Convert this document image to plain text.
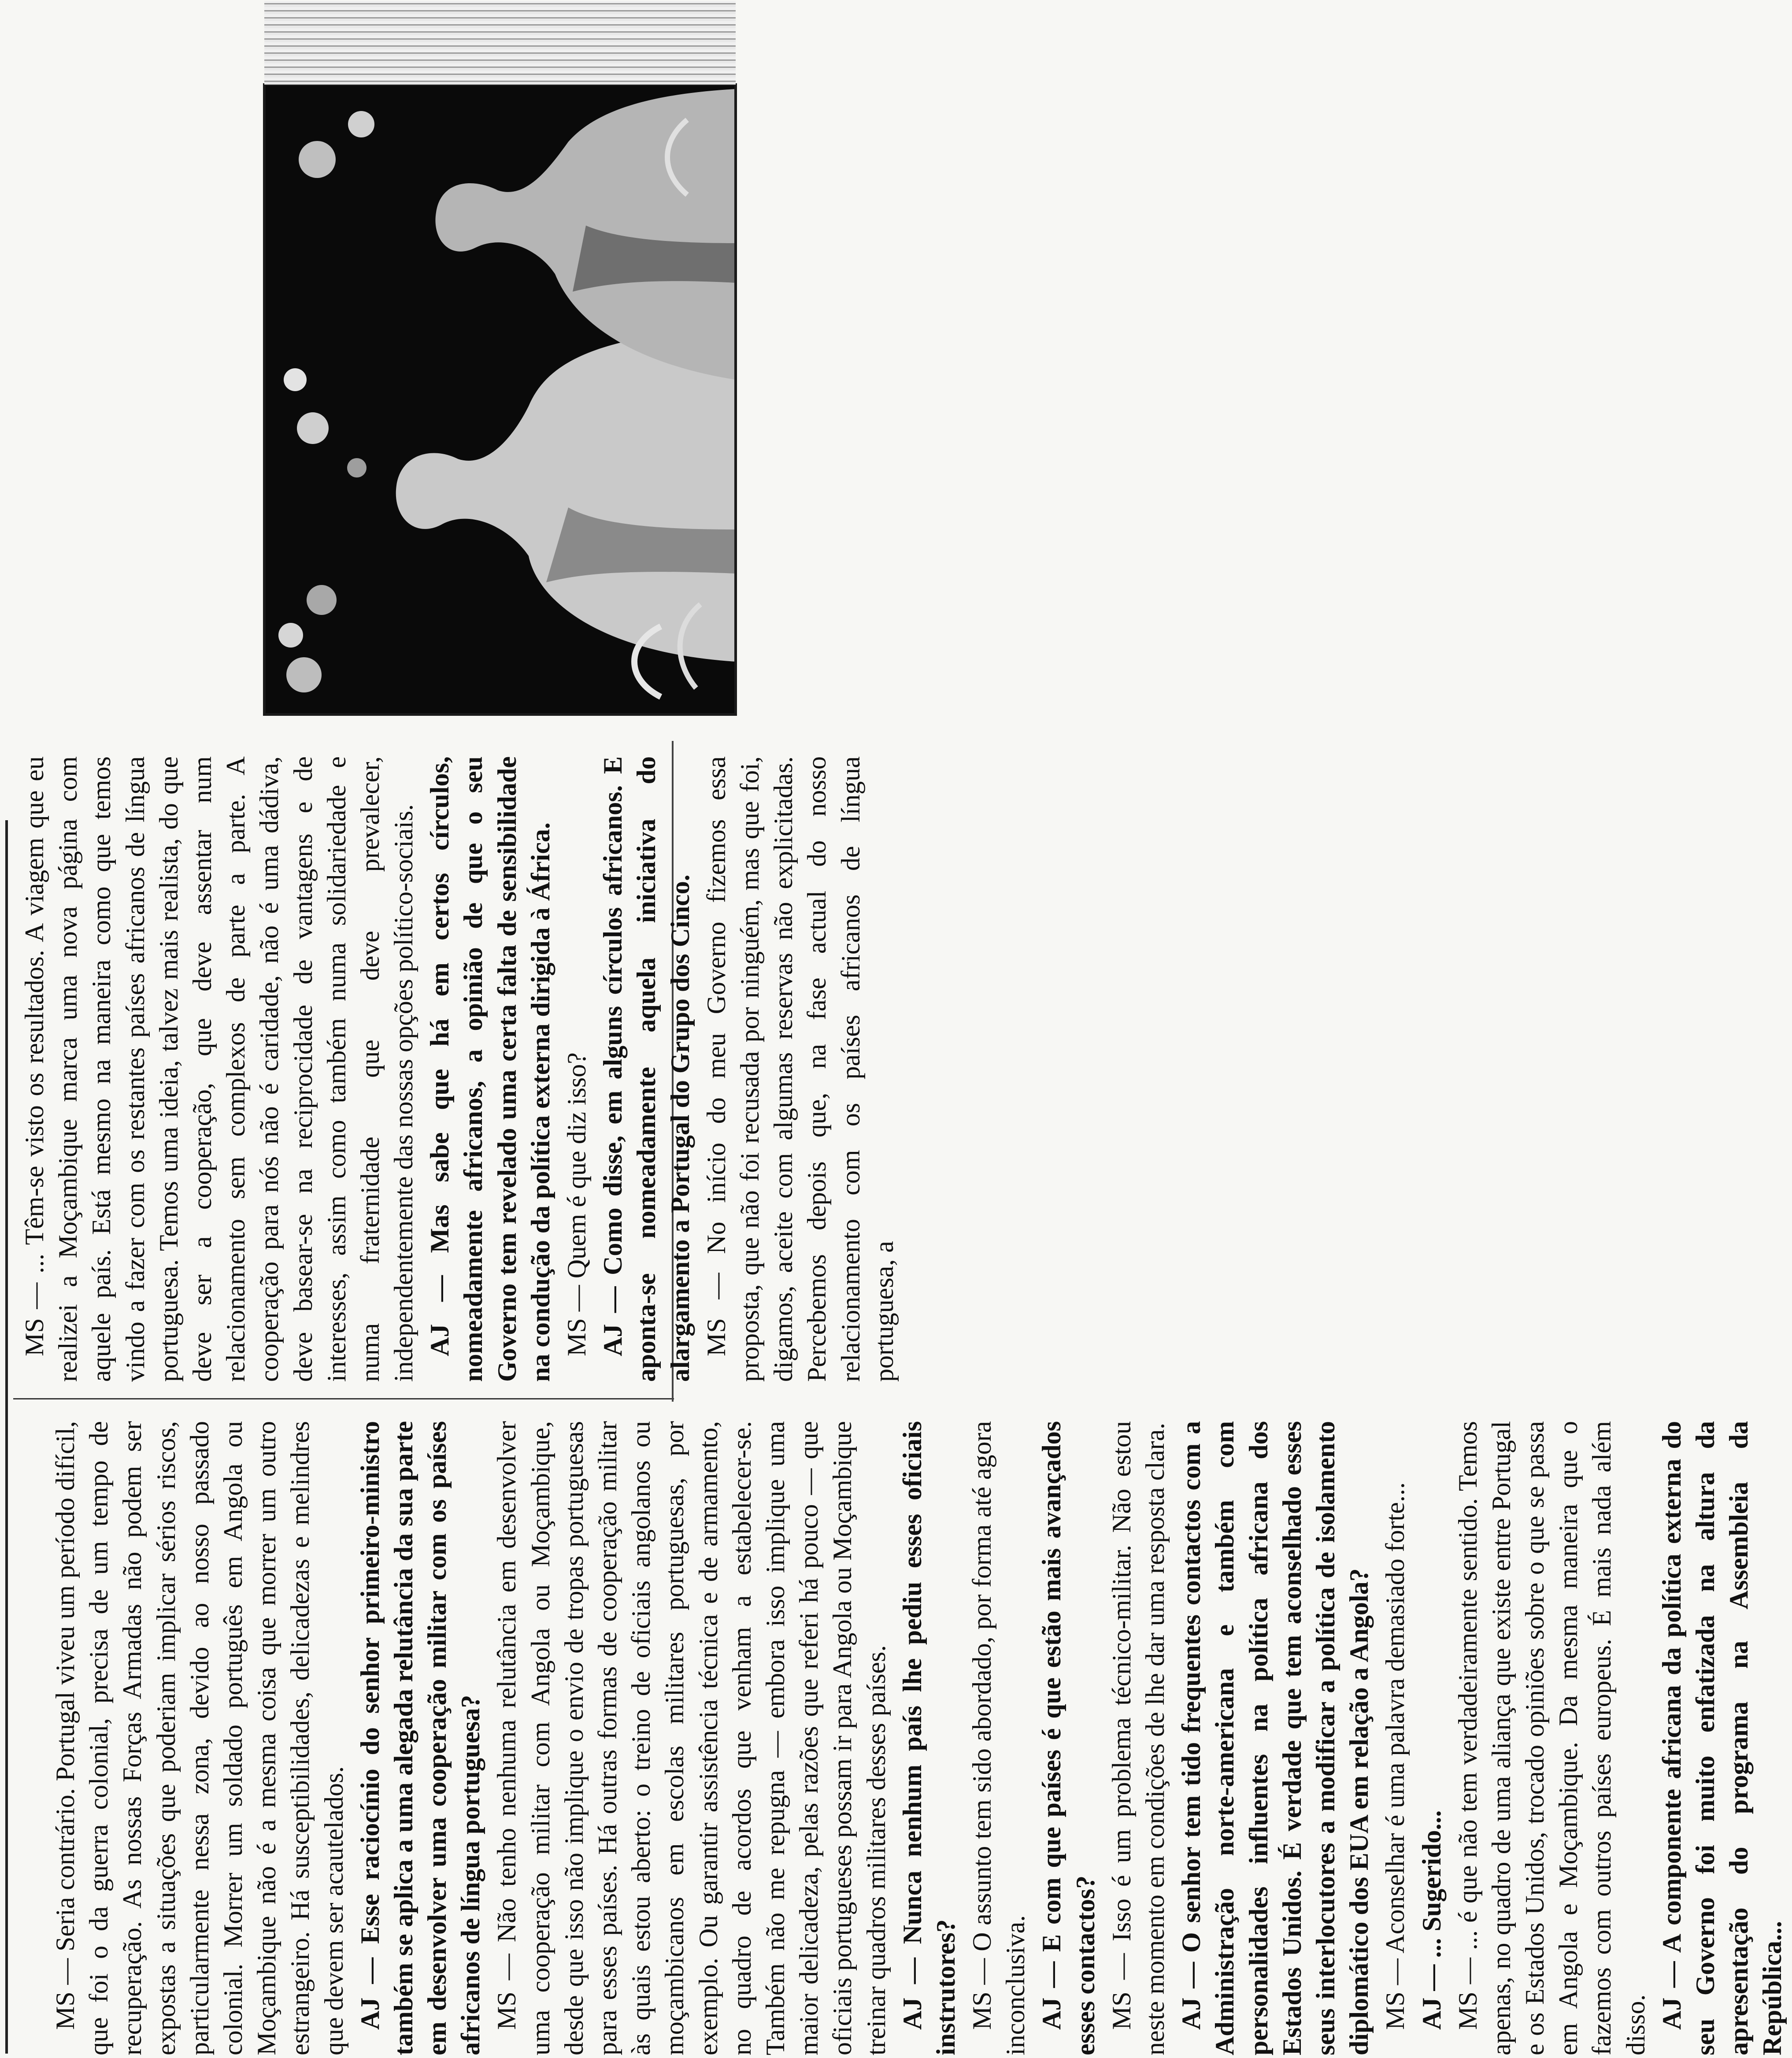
MS — Seria contrário. Portugal viveu um período difícil, que foi o da guerra colonial, precisa de um tempo de recuperação. As nossas Forças Armadas não podem ser expostas a situações que poderiam implicar sérios riscos, particularmente nessa zona, devido ao nosso passado colonial. Morrer um soldado português em Angola ou Moçambique não é a mesma coisa que morrer um outro estrangeiro. Há susceptibilidades, delicadezas e melindres que devem ser acautelados. AJ — Esse raciocínio do senhor primeiro-ministro também se aplica a uma alegada relutância da sua parte em desenvolver uma cooperação militar com os países africanos de língua portuguesa? MS — Não tenho nenhuma relutância em desenvolver uma cooperação militar com Angola ou Moçambique, desde que isso não implique o envio de tropas portuguesas para esses países. Há outras formas de cooperação militar às quais estou aberto: o treino de oficiais angolanos ou moçambicanos em escolas militares portuguesas, por exemplo. Ou garantir assistência técnica e de armamento, no quadro de acordos que venham a estabelecer-se. Também não me repugna — embora isso implique uma maior delicadeza, pelas razões que referi há pouco — que oficiais portugueses possam ir para Angola ou Moçambique treinar quadros militares desses países. AJ — Nunca nenhum país lhe pediu esses oficiais instrutores? MS — O assunto tem sido abordado, por forma até agora inconclusiva. AJ — E com que países é que estão mais avançados esses contactos? MS — Isso é um problema técnico-militar. Não estou neste momento em condições de lhe dar uma resposta clara. AJ — O senhor tem tido frequentes contactos com a Administração norte-americana e também com personalidades influentes na política africana dos Estados Unidos. É verdade que tem aconselhado esses seus interlocutores a modificar a política de isolamento diplomático dos EUA em relação a Angola? MS — Aconselhar é uma palavra demasiado forte...

AJ — ... Sugerido...

MS — ... é que não tem verdadeiramente sentido. Temos apenas, no quadro de uma aliança que existe entre Portugal e os Estados Unidos, trocado opiniões sobre o que se passa em Angola e Moçambique. Da mesma maneira que o fazemos com outros países europeus. É mais nada além disso. AJ — A componente africana da política externa do seu Governo foi muito enfatizada na altura da apresentação do programa na Assembleia da República...

MS — ... Têm-se visto os resultados. A viagem que eu realizei a Moçambique marca uma nova página com aquele país. Está mesmo na maneira como que temos vindo a fazer com os restantes países africanos de língua portuguesa. Temos uma ideia, talvez mais realista, do que deve ser a cooperação, que deve assentar num relacionamento sem complexos de parte a parte. A cooperação para nós não é caridade, não é uma dádiva, deve basear-se na reciprocidade de vantagens e de interesses, assim como também numa solidariedade e numa fraternidade que deve prevalecer, independentemente das nossas opções político-sociais. AJ — Mas sabe que há em certos círculos, nomeadamente africanos, a opinião de que o seu Governo tem revelado uma certa falta de sensibilidade na condução da política externa dirigida à África. MS — Quem é que diz isso?

AJ — Como disse, em alguns círculos africanos. E aponta-se nomeadamente aquela iniciativa do alargamento a Portugal do Grupo dos Cinco. MS — No início do meu Governo fizemos essa proposta, que não foi recusada por ninguém, mas que foi, digamos, aceite com algumas reservas não explicitadas. Percebemos depois que, na fase actual do nosso relacionamento com os países africanos de língua portuguesa, a
